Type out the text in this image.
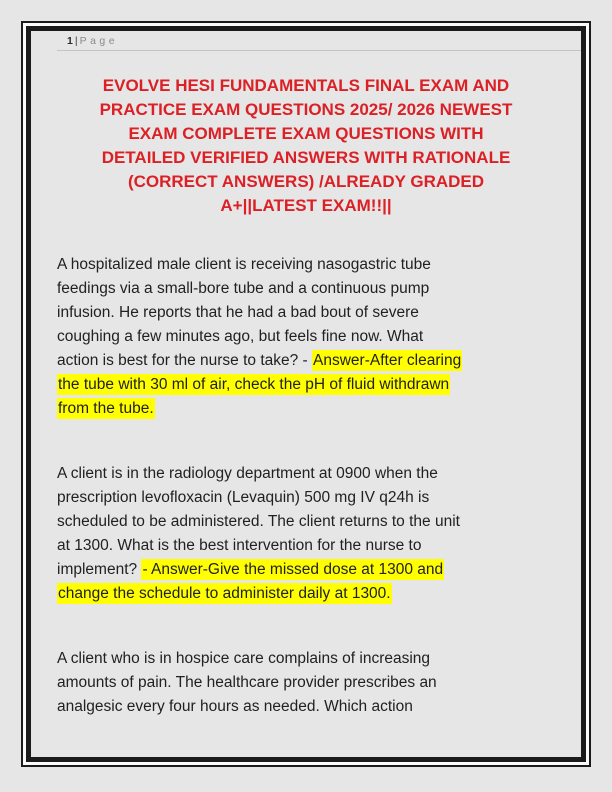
1| Page
EVOLVE HESI FUNDAMENTALS FINAL EXAM AND
PRACTICE EXAM QUESTIONS 2025/ 2026 NEWEST
EXAM COMPLETE EXAM QUESTIONS WITH
DETAILED VERIFIED ANSWERS WITH RATIONALE
(CORRECT ANSWERS) /ALREADY GRADED
A+||LATEST EXAM!!||
A hospitalized male client is receiving nasogastric tube
feedings via a small-bore tube and a continuous pump
infusion. He reports that he had a bad bout of severe
coughing a few minutes ago, but feels fine now. What
action is best for the nurse to take? - Answer-After clearing
the tube with 30 ml of air, check the pH of fluid withdrawn
from the tube.
A client is in the radiology department at 0900 when the
prescription levofloxacin (Levaquin) 500 mg IV q24h is
scheduled to be administered. The client returns to the unit
at 1300. What is the best intervention for the nurse to
implement? - Answer-Give the missed dose at 1300 and
change the schedule to administer daily at 1300.
A client who is in hospice care complains of increasing
amounts of pain. The healthcare provider prescribes an
analgesic every four hours as needed. Which action
